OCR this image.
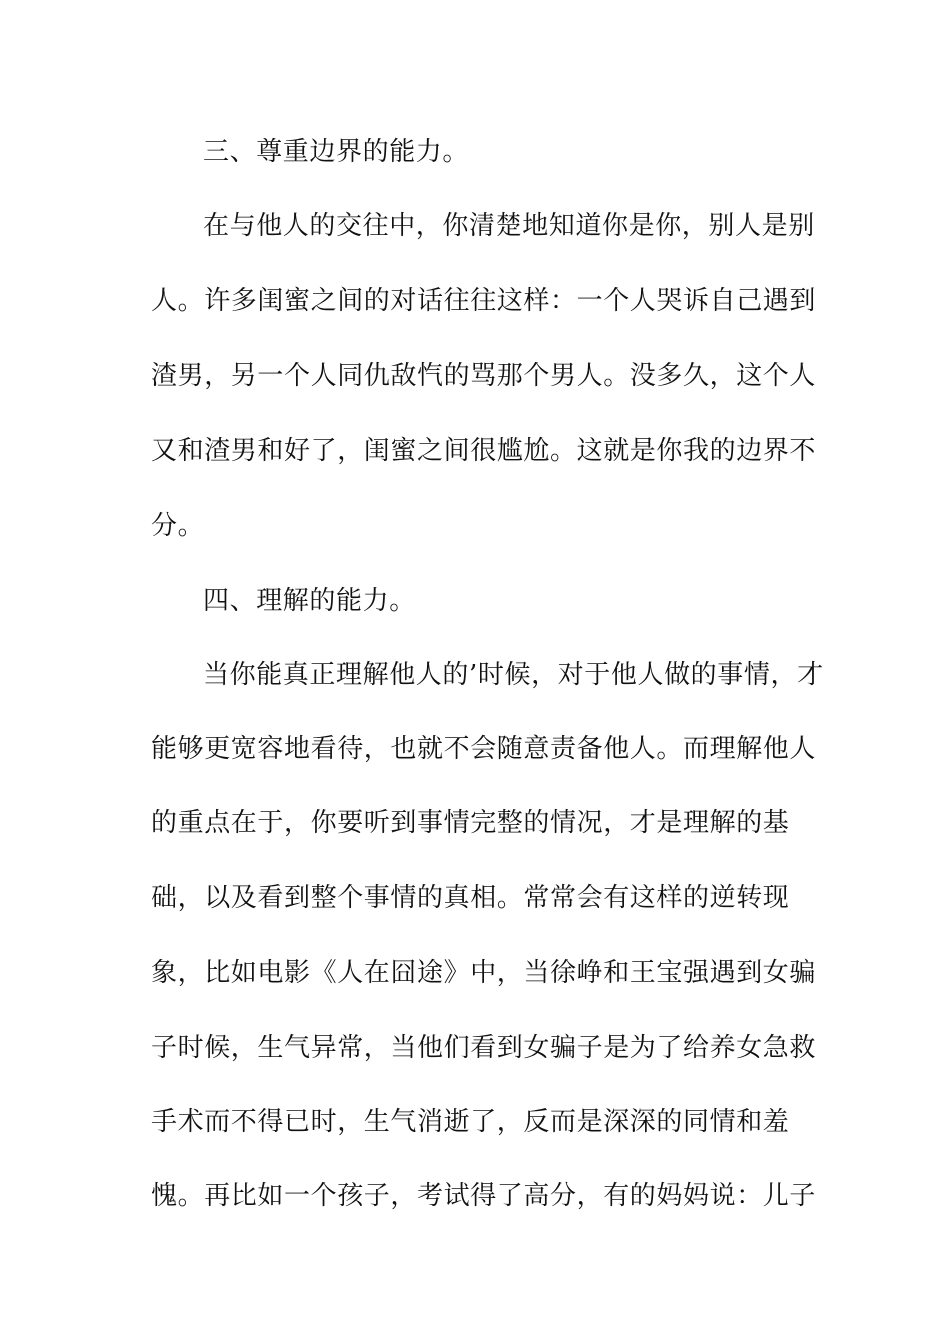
三、尊重边界的能力。
在与他人的交往中，你清楚地知道你是你，别人是别
人。许多闺蜜之间的对话往往这样：一个人哭诉自己遇到
渣男，另一个人同仇敌忾的骂那个男人。没多久，这个人
又和渣男和好了，闺蜜之间很尴尬。这就是你我的边界不
分。
四、理解的能力。
当你能真正理解他人的’时候，对于他人做的事情，才
能够更宽容地看待，也就不会随意责备他人。而理解他人
的重点在于，你要听到事情完整的情况，才是理解的基
础，以及看到整个事情的真相。常常会有这样的逆转现
象，比如电影《人在囧途》中，当徐峥和王宝强遇到女骗
子时候，生气异常，当他们看到女骗子是为了给养女急救
手术而不得已时，生气消逝了，反而是深深的同情和羞
愧。再比如一个孩子，考试得了高分，有的妈妈说：儿子
